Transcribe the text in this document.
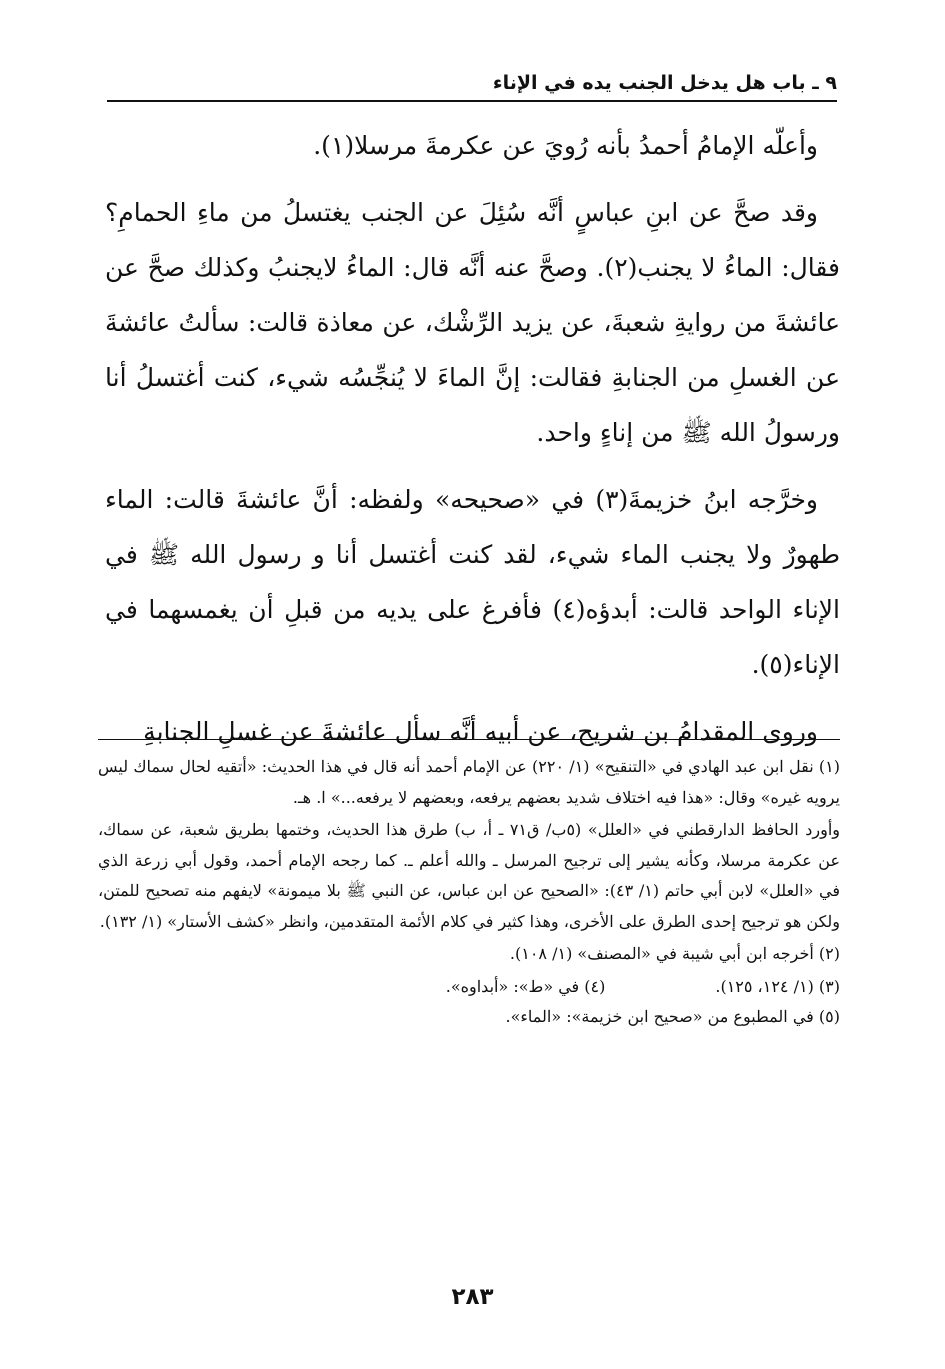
٩ ـ باب هل يدخل الجنب يده في الإناء

وأعلّه الإمامُ أحمدُ بأنه رُويَ عن عكرمةَ مرسلا(١).

وقد صحَّ عن ابنِ عباسٍ أنَّه سُئِلَ عن الجنب يغتسلُ من ماءِ الحمامِ؟ فقال: الماءُ لا يجنب(٢). وصحَّ عنه أنَّه قال: الماءُ لايجنبُ وكذلك صحَّ عن عائشةَ من روايةِ شعبةَ، عن يزيد الرِّشْك، عن معاذة قالت: سألتُ عائشةَ عن الغسلِ من الجنابةِ فقالت: إنَّ الماءَ لا يُنجِّسُه شيء، كنت أغتسلُ أنا ورسولُ الله ﷺ من إناءٍ واحد.

وخرَّجه ابنُ خزيمةَ(٣) في «صحيحه» ولفظه: أنَّ عائشةَ قالت: الماء طهورٌ ولا يجنب الماء شيء، لقد كنت أغتسل أنا و رسول الله ﷺ في الإناء الواحد قالت: أبدؤه(٤) فأفرغ على يديه من قبلِ أن يغمسهما في الإناء(٥).

وروى المقدامُ بن شريح، عن أبيه أنَّه سأل عائشةَ عن غسلِ الجنابةِ

(١) نقل ابن عبد الهادي في «التنقيح» (١/ ٢٢٠) عن الإمام أحمد أنه قال في هذا الحديث: «أتقيه لحال سماك ليس يرويه غيره» وقال: «هذا فيه اختلاف شديد بعضهم يرفعه، وبعضهم لا يرفعه...» ا. هـ.

وأورد الحافظ الدارقطني في «العلل» (٥ب/ ق٧١ ـ أ، ب) طرق هذا الحديث، وختمها بطريق شعبة، عن سماك، عن عكرمة مرسلا، وكأنه يشير إلى ترجيح المرسل ـ والله أعلم ـ. كما رجحه الإمام أحمد، وقول أبي زرعة الذي في «العلل» لابن أبي حاتم (١/ ٤٣): «الصحيح عن ابن عباس، عن النبي ﷺ بلا ميمونة» لايفهم منه تصحيح للمتن، ولكن هو ترجيح إحدى الطرق على الأخرى، وهذا كثير في كلام الأئمة المتقدمين، وانظر «كشف الأستار» (١/ ١٣٢).

(٢) أخرجه ابن أبي شيبة في «المصنف» (١/ ١٠٨).

(٣) (١/ ١٢٤، ١٢٥).
(٤) في «ط»: «أبداوه».

(٥) في المطبوع من «صحيح ابن خزيمة»: «الماء».

٢٨٣
